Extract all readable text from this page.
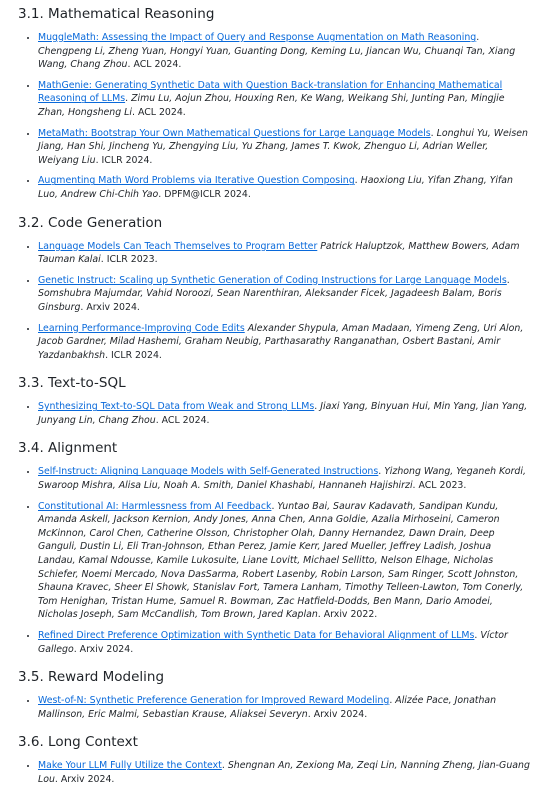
3.1. Mathematical Reasoning
• MuggleMath: Assessing the Impact of Query and Response Augmentation on Math Reasoning. Chengpeng Li, Zheng Yuan, Hongyi Yuan, Guanting Dong, Keming Lu, Jiancan Wu, Chuanqi Tan, Xiang Wang, Chang Zhou. ACL 2024.
• MathGenie: Generating Synthetic Data with Question Back-translation for Enhancing Mathematical Reasoning of LLMs. Zimu Lu, Aojun Zhou, Houxing Ren, Ke Wang, Weikang Shi, Junting Pan, Mingjie Zhan, Hongsheng Li. ACL 2024.
• MetaMath: Bootstrap Your Own Mathematical Questions for Large Language Models. Longhui Yu, Weisen Jiang, Han Shi, Jincheng Yu, Zhengying Liu, Yu Zhang, James T. Kwok, Zhenguo Li, Adrian Weller, Weiyang Liu. ICLR 2024.
• Augmenting Math Word Problems via Iterative Question Composing. Haoxiong Liu, Yifan Zhang, Yifan Luo, Andrew Chi-Chih Yao. DPFM@ICLR 2024.
3.2. Code Generation
• Language Models Can Teach Themselves to Program Better Patrick Haluptzok, Matthew Bowers, Adam Tauman Kalai. ICLR 2023.
• Genetic Instruct: Scaling up Synthetic Generation of Coding Instructions for Large Language Models. Somshubra Majumdar, Vahid Noroozi, Sean Narenthiran, Aleksander Ficek, Jagadeesh Balam, Boris Ginsburg. Arxiv 2024.
• Learning Performance-Improving Code Edits Alexander Shypula, Aman Madaan, Yimeng Zeng, Uri Alon, Jacob Gardner, Milad Hashemi, Graham Neubig, Parthasarathy Ranganathan, Osbert Bastani, Amir Yazdanbakhsh. ICLR 2024.
3.3. Text-to-SQL
• Synthesizing Text-to-SQL Data from Weak and Strong LLMs. Jiaxi Yang, Binyuan Hui, Min Yang, Jian Yang, Junyang Lin, Chang Zhou. ACL 2024.
3.4. Alignment
• Self-Instruct: Aligning Language Models with Self-Generated Instructions. Yizhong Wang, Yeganeh Kordi, Swaroop Mishra, Alisa Liu, Noah A. Smith, Daniel Khashabi, Hannaneh Hajishirzi. ACL 2023.
• Constitutional AI: Harmlessness from AI Feedback. Yuntao Bai, Saurav Kadavath, Sandipan Kundu, Amanda Askell, Jackson Kernion, Andy Jones, Anna Chen, Anna Goldie, Azalia Mirhoseini, Cameron McKinnon, Carol Chen, Catherine Olsson, Christopher Olah, Danny Hernandez, Dawn Drain, Deep Ganguli, Dustin Li, Eli Tran-Johnson, Ethan Perez, Jamie Kerr, Jared Mueller, Jeffrey Ladish, Joshua Landau, Kamal Ndousse, Kamile Lukosuite, Liane Lovitt, Michael Sellitto, Nelson Elhage, Nicholas Schiefer, Noemi Mercado, Nova DasSarma, Robert Lasenby, Robin Larson, Sam Ringer, Scott Johnston, Shauna Kravec, Sheer El Showk, Stanislav Fort, Tamera Lanham, Timothy Telleen-Lawton, Tom Conerly, Tom Henighan, Tristan Hume, Samuel R. Bowman, Zac Hatfield-Dodds, Ben Mann, Dario Amodei, Nicholas Joseph, Sam McCandlish, Tom Brown, Jared Kaplan. Arxiv 2022.
• Refined Direct Preference Optimization with Synthetic Data for Behavioral Alignment of LLMs. Víctor Gallego. Arxiv 2024.
3.5. Reward Modeling
• West-of-N: Synthetic Preference Generation for Improved Reward Modeling. Alizée Pace, Jonathan Mallinson, Eric Malmi, Sebastian Krause, Aliaksei Severyn. Arxiv 2024.
3.6. Long Context
• Make Your LLM Fully Utilize the Context. Shengnan An, Zexiong Ma, Zeqi Lin, Nanning Zheng, Jian-Guang Lou. Arxiv 2024.
